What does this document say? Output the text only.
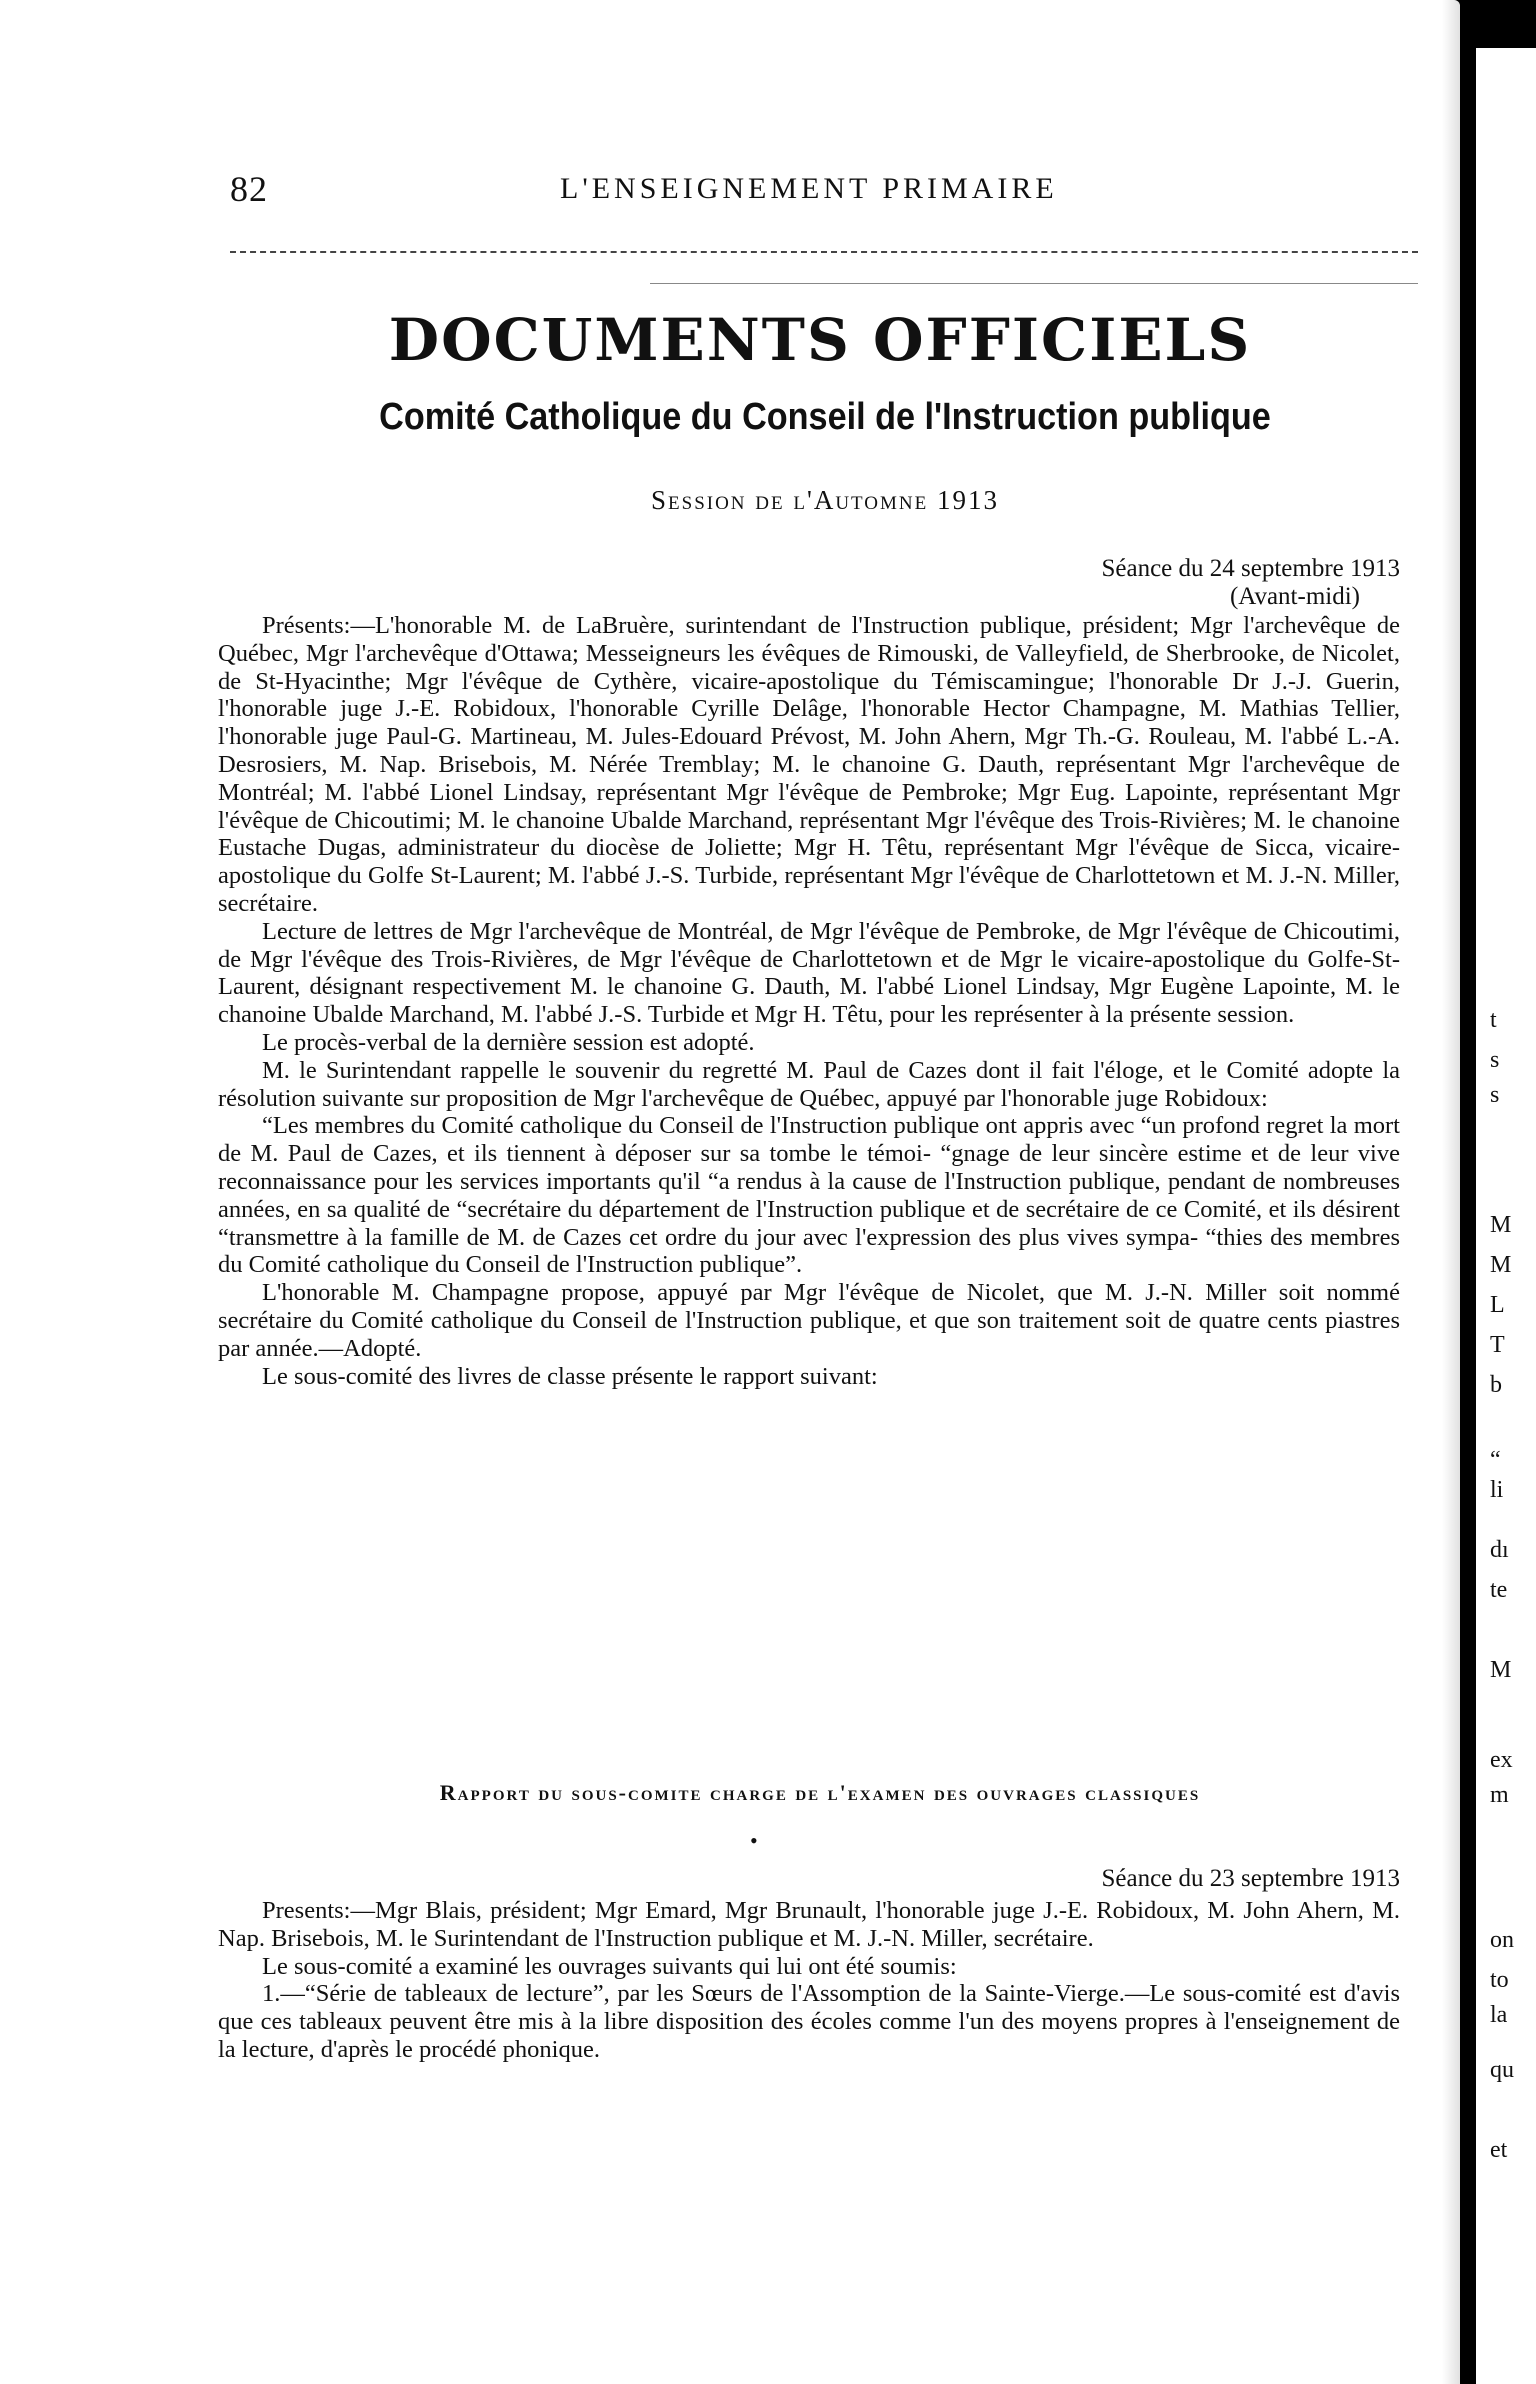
82	L'ENSEIGNEMENT PRIMAIRE
DOCUMENTS OFFICIELS
Comité Catholique du Conseil de l'Instruction publique
Session de l'Automne 1913
Séance du 24 septembre 1913
(Avant-midi)

Présents:—L'honorable M. de LaBruère, surintendant de l'Instruction publique, président; Mgr l'archevêque de Québec, Mgr l'archevêque d'Ottawa; Messeigneurs les évêques de Rimouski, de Valleyfield, de Sherbrooke, de Nicolet, de St-Hyacinthe; Mgr l'évêque de Cythère, vicaire-apostolique du Témiscamingue; l'honorable Dr J.-J. Guerin, l'honorable juge J.-E. Robidoux, l'honorable Cyrille Delâge, l'honorable Hector Champagne, M. Mathias Tellier, l'honorable juge Paul-G. Martineau, M. Jules-Edouard Prévost, M. John Ahern, Mgr Th.-G. Rouleau, M. l'abbé L.-A. Desrosiers, M. Nap. Brisebois, M. Nérée Tremblay; M. le chanoine G. Dauth, représentant Mgr l'archevêque de Montréal; M. l'abbé Lionel Lindsay, représentant Mgr l'évêque de Pembroke; Mgr Eug. Lapointe, représentant Mgr l'évêque de Chicoutimi; M. le chanoine Ubalde Marchand, représentant Mgr l'évêque des Trois-Rivières; M. le chanoine Eustache Dugas, administrateur du diocèse de Joliette; Mgr H. Têtu, représentant Mgr l'évêque de Sicca, vicaire-apostolique du Golfe St-Laurent; M. l'abbé J.-S. Turbide, représentant Mgr l'évêque de Charlottetown et M. J.-N. Miller, secrétaire.

Lecture de lettres de Mgr l'archevêque de Montréal, de Mgr l'évêque de Pembroke, de Mgr l'évêque de Chicoutimi, de Mgr l'évêque des Trois-Rivières, de Mgr l'évêque de Charlottetown et de Mgr le vicaire-apostolique du Golfe-St-Laurent, désignant respectivement M. le chanoine G. Dauth, M. l'abbé Lionel Lindsay, Mgr Eugène Lapointe, M. le chanoine Ubalde Marchand, M. l'abbé J.-S. Turbide et Mgr H. Têtu, pour les représenter à la présente session.

Le procès-verbal de la dernière session est adopté.

M. le Surintendant rappelle le souvenir du regretté M. Paul de Cazes dont il fait l'éloge, et le Comité adopte la résolution suivante sur proposition de Mgr l'archevêque de Québec, appuyé par l'honorable juge Robidoux:

“Les membres du Comité catholique du Conseil de l'Instruction publique ont appris avec “un profond regret la mort de M. Paul de Cazes, et ils tiennent à déposer sur sa tombe le témoi- “gnage de leur sincère estime et de leur vive reconnaissance pour les services importants qu'il “a rendus à la cause de l'Instruction publique, pendant de nombreuses années, en sa qualité de “secrétaire du département de l'Instruction publique et de secrétaire de ce Comité, et ils désirent “transmettre à la famille de M. de Cazes cet ordre du jour avec l'expression des plus vives sympa- “thies des membres du Comité catholique du Conseil de l'Instruction publique”.

L'honorable M. Champagne propose, appuyé par Mgr l'évêque de Nicolet, que M. J.-N. Miller soit nommé secrétaire du Comité catholique du Conseil de l'Instruction publique, et que son traitement soit de quatre cents piastres par année.—Adopté.

Le sous-comité des livres de classe présente le rapport suivant:

Rapport du sous-comite charge de l'examen des ouvrages classiques
•
Séance du 23 septembre 1913

Presents:—Mgr Blais, président; Mgr Emard, Mgr Brunault, l'honorable juge J.-E. Robidoux, M. John Ahern, M. Nap. Brisebois, M. le Surintendant de l'Instruction publique et M. J.-N. Miller, secrétaire.

Le sous-comité a examiné les ouvrages suivants qui lui ont été soumis:

1.—“Série de tableaux de lecture”, par les Sœurs de l'Assomption de la Sainte-Vierge.—Le sous-comité est d'avis que ces tableaux peuvent être mis à la libre disposition des écoles comme l'un des moyens propres à l'enseignement de la lecture, d'après le procédé phonique.

t
s
s
M
M
L
T
b
“
li
dı
te
M
ex
m
on
to
la
qu
et
